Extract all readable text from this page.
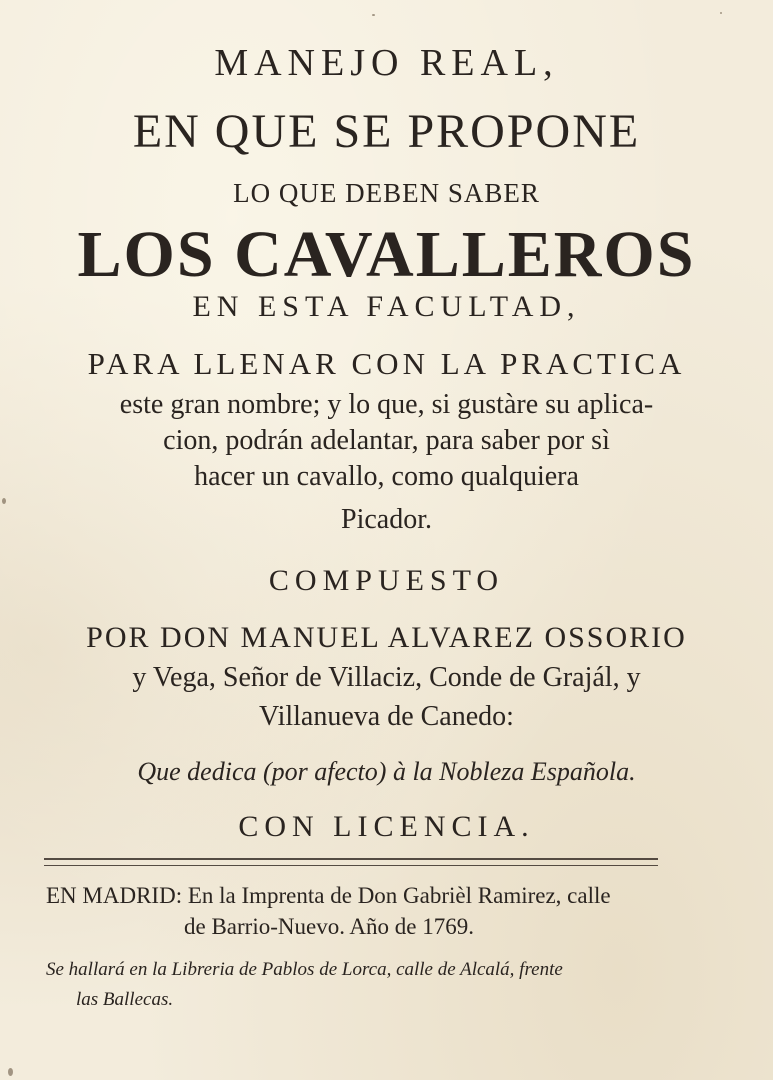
MANEJO REAL,
EN QUE SE PROPONE
LO QUE DEBEN SABER
LOS CAVALLEROS
EN ESTA FACULTAD,
PARA LLENAR CON LA PRACTICA
este gran nombre; y lo que, si gustàre su aplica-
cion, podrán adelantar, para saber por sì
hacer un cavallo, como qualquiera
Picador.
COMPUESTO
POR DON MANUEL ALVAREZ OSSORIO
y Vega, Señor de Villaciz, Conde de Grajál, y
Villanueva de Canedo:
Que dedica (por afecto) à la Nobleza Española.
CON LICENCIA.
EN MADRID: En la Imprenta de Don Gabrièl Ramirez, calle
de Barrio-Nuevo. Año de 1769.
Se hallará en la Libreria de Pablos de Lorca, calle de Alcalá, frente
las Ballecas.
